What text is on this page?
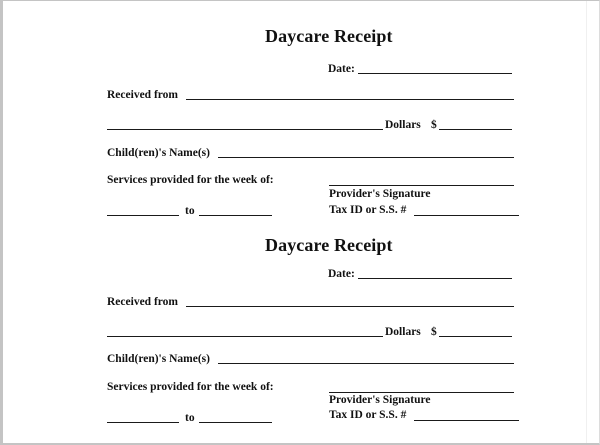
Daycare Receipt
Date:
Received from
Dollars $
Child(ren)'s Name(s)
Services provided for the week of:
Provider's Signature
to	Tax ID or S.S. #
Daycare Receipt
Date:
Received from
Dollars $
Child(ren)'s Name(s)
Services provided for the week of:
Provider's Signature
to	Tax ID or S.S. #
